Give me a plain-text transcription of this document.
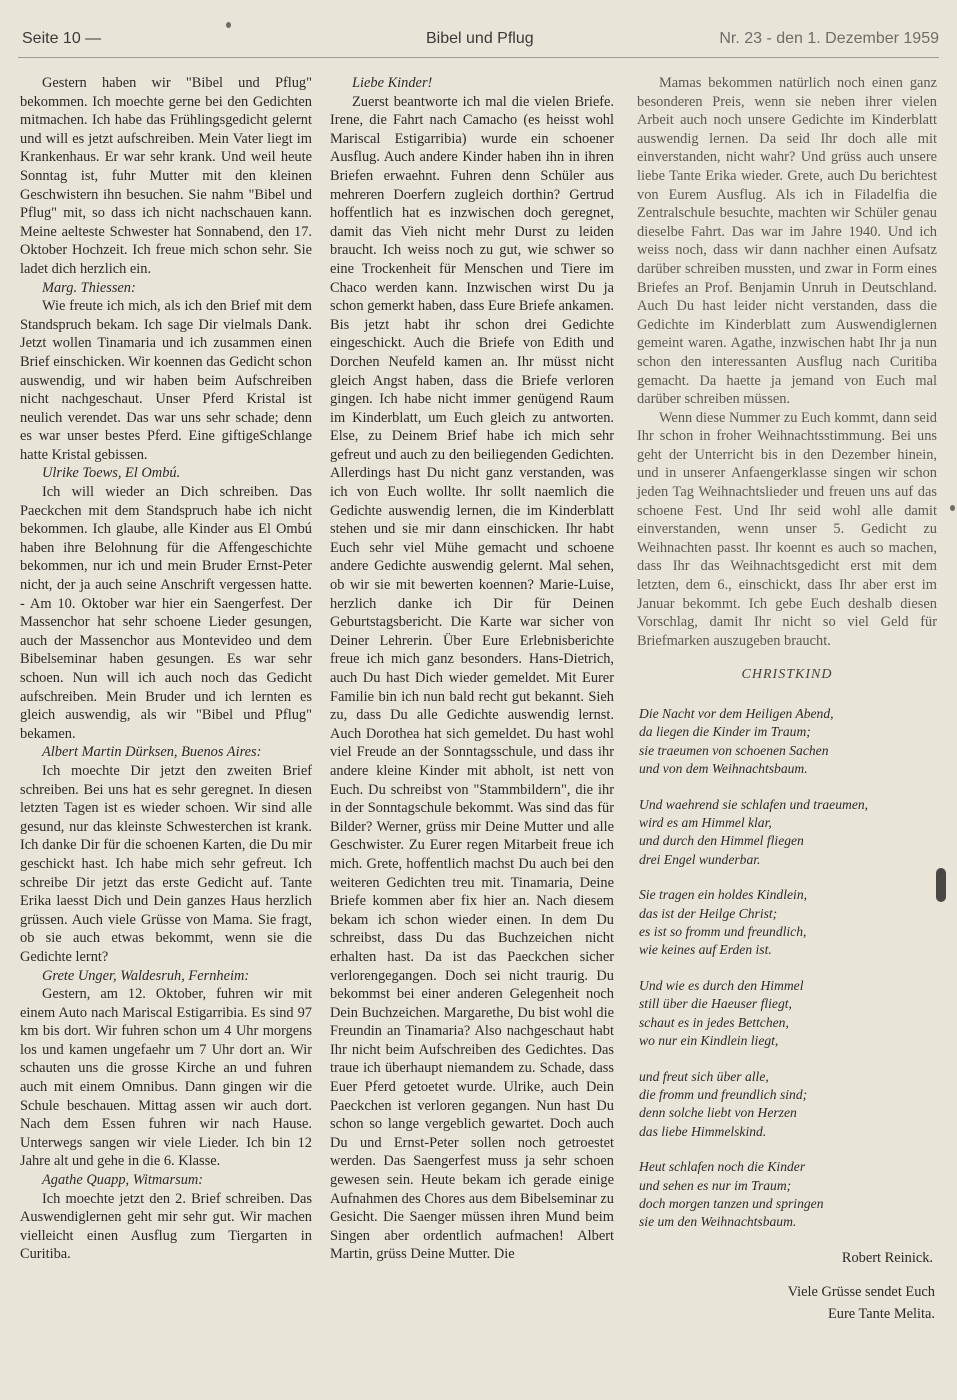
Seite 10 —	Bibel und Pflug	Nr. 23 - den 1. Dezember 1959

Gestern haben wir "Bibel und Pflug" bekommen. Ich moechte gerne bei den Gedichten mitmachen. Ich habe das Frühlingsgedicht gelernt und will es jetzt aufschreiben. Mein Vater liegt im Krankenhaus. Er war sehr krank. Und weil heute Sonntag ist, fuhr Mutter mit den kleinen Geschwistern ihn besuchen. Sie nahm "Bibel und Pflug" mit, so dass ich nicht nachschauen kann. Meine aelteste Schwester hat Sonnabend, den 17. Oktober Hochzeit. Ich freue mich schon sehr. Sie ladet dich herzlich ein.

Marg. Thiessen:

Wie freute ich mich, als ich den Brief mit dem Standspruch bekam. Ich sage Dir vielmals Dank. Jetzt wollen Tinamaria und ich zusammen einen Brief einschicken. Wir koennen das Gedicht schon auswendig, und wir haben beim Aufschreiben nicht nachgeschaut. Unser Pferd Kristal ist neulich verendet. Das war uns sehr schade; denn es war unser bestes Pferd. Eine giftigeSchlange hatte Kristal gebissen.

Ulrike Toews, El Ombú.

Ich will wieder an Dich schreiben. Das Paeckchen mit dem Standspruch habe ich nicht bekommen. Ich glaube, alle Kinder aus El Ombú haben ihre Belohnung für die Affengeschichte bekommen, nur ich und mein Bruder Ernst-Peter nicht, der ja auch seine Anschrift vergessen hatte. - Am 10. Oktober war hier ein Saengerfest. Der Massenchor hat sehr schoene Lieder gesungen, auch der Massenchor aus Montevideo und dem Bibelseminar haben gesungen. Es war sehr schoen. Nun will ich auch noch das Gedicht aufschreiben. Mein Bruder und ich lernten es gleich auswendig, als wir "Bibel und Pflug" bekamen.

Albert Martin Dürksen, Buenos Aires:

Ich moechte Dir jetzt den zweiten Brief schreiben. Bei uns hat es sehr geregnet. In diesen letzten Tagen ist es wieder schoen. Wir sind alle gesund, nur das kleinste Schwesterchen ist krank. Ich danke Dir für die schoenen Karten, die Du mir geschickt hast. Ich habe mich sehr gefreut. Ich schreibe Dir jetzt das erste Gedicht auf. Tante Erika laesst Dich und Dein ganzes Haus herzlich grüssen. Auch viele Grüsse von Mama. Sie fragt, ob sie auch etwas bekommt, wenn sie die Gedichte lernt?

Grete Unger, Waldesruh, Fernheim:

Gestern, am 12. Oktober, fuhren wir mit einem Auto nach Mariscal Estigarribia. Es sind 97 km bis dort. Wir fuhren schon um 4 Uhr morgens los und kamen ungefaehr um 7 Uhr dort an. Wir schauten uns die grosse Kirche an und fuhren auch mit einem Omnibus. Dann gingen wir die Schule beschauen. Mittag assen wir auch dort. Nach dem Essen fuhren wir nach Hause. Unterwegs sangen wir viele Lieder. Ich bin 12 Jahre alt und gehe in die 6. Klasse.

Agathe Quapp, Witmarsum:

Ich moechte jetzt den 2. Brief schreiben. Das Auswendiglernen geht mir sehr gut. Wir machen vielleicht einen Ausflug zum Tiergarten in Curitiba.

Liebe Kinder!

Zuerst beantworte ich mal die vielen Briefe. Irene, die Fahrt nach Camacho (es heisst wohl Mariscal Estigarribia) wurde ein schoener Ausflug. Auch andere Kinder haben ihn in ihren Briefen erwaehnt. Fuhren denn Schüler aus mehreren Doerfern zugleich dorthin? Gertrud hoffentlich hat es inzwischen doch geregnet, damit das Vieh nicht mehr Durst zu leiden braucht. Ich weiss noch zu gut, wie schwer so eine Trockenheit für Menschen und Tiere im Chaco werden kann. Inzwischen wirst Du ja schon gemerkt haben, dass Eure Briefe ankamen. Bis jetzt habt ihr schon drei Gedichte eingeschickt. Auch die Briefe von Edith und Dorchen Neufeld kamen an. Ihr müsst nicht gleich Angst haben, dass die Briefe verloren gingen. Ich habe nicht immer genügend Raum im Kinderblatt, um Euch gleich zu antworten. Else, zu Deinem Brief habe ich mich sehr gefreut und auch zu den beiliegenden Gedichten. Allerdings hast Du nicht ganz verstanden, was ich von Euch wollte. Ihr sollt naemlich die Gedichte auswendig lernen, die im Kinderblatt stehen und sie mir dann einschicken. Ihr habt Euch sehr viel Mühe gemacht und schoene andere Gedichte auswendig gelernt. Mal sehen, ob wir sie mit bewerten koennen? Marie-Luise, herzlich danke ich Dir für Deinen Geburtstagsbericht. Die Karte war sicher von Deiner Lehrerin. Über Eure Erlebnisberichte freue ich mich ganz besonders. Hans-Dietrich, auch Du hast Dich wieder gemeldet. Mit Eurer Familie bin ich nun bald recht gut bekannt. Sieh zu, dass Du alle Gedichte auswendig lernst. Auch Dorothea hat sich gemeldet. Du hast wohl viel Freude an der Sonntagsschule, und dass ihr andere kleine Kinder mit abholt, ist nett von Euch. Du schreibst von "Stammbildern", die ihr in der Sonntagschule bekommt. Was sind das für Bilder? Werner, grüss mir Deine Mutter und alle Geschwister. Zu Eurer regen Mitarbeit freue ich mich. Grete, hoffentlich machst Du auch bei den weiteren Gedichten treu mit. Tinamaria, Deine Briefe kommen aber fix hier an. Nach diesem bekam ich schon wieder einen. In dem Du schreibst, dass Du das Buchzeichen nicht erhalten hast. Da ist das Paeckchen sicher verlorengegangen. Doch sei nicht traurig. Du bekommst bei einer anderen Gelegenheit noch Dein Buchzeichen. Margarethe, Du bist wohl die Freundin an Tinamaria? Also nachgeschaut habt Ihr nicht beim Aufschreiben des Gedichtes. Das traue ich überhaupt niemandem zu. Schade, dass Euer Pferd getoetet wurde. Ulrike, auch Dein Paeckchen ist verloren gegangen. Nun hast Du schon so lange vergeblich gewartet. Doch auch Du und Ernst-Peter sollen noch getroestet werden. Das Saengerfest muss ja sehr schoen gewesen sein. Heute bekam ich gerade einige Aufnahmen des Chores aus dem Bibelseminar zu Gesicht. Die Saenger müssen ihren Mund beim Singen aber ordentlich aufmachen! Albert Martin, grüss Deine Mutter. Die

Mamas bekommen natürlich noch einen ganz besonderen Preis, wenn sie neben ihrer vielen Arbeit auch noch unsere Gedichte im Kinderblatt auswendig lernen. Da seid Ihr doch alle mit einverstanden, nicht wahr? Und grüss auch unsere liebe Tante Erika wieder. Grete, auch Du berichtest von Eurem Ausflug. Als ich in Filadelfia die Zentralschule besuchte, machten wir Schüler genau dieselbe Fahrt. Das war im Jahre 1940. Und ich weiss noch, dass wir dann nachher einen Aufsatz darüber schreiben mussten, und zwar in Form eines Briefes an Prof. Benjamin Unruh in Deutschland. Auch Du hast leider nicht verstanden, dass die Gedichte im Kinderblatt zum Auswendiglernen gemeint waren. Agathe, inzwischen habt Ihr ja nun schon den interessanten Ausflug nach Curitiba gemacht. Da haette ja jemand von Euch mal darüber schreiben müssen.

Wenn diese Nummer zu Euch kommt, dann seid Ihr schon in froher Weihnachtsstimmung. Bei uns geht der Unterricht bis in den Dezember hinein, und in unserer Anfaengerklasse singen wir schon jeden Tag Weihnachtslieder und freuen uns auf das schoene Fest. Und Ihr seid wohl alle damit einverstanden, wenn unser 5. Gedicht zu Weihnachten passt. Ihr koennt es auch so machen, dass Ihr das Weihnachtsgedicht erst mit dem letzten, dem 6., einschickt, dass Ihr aber erst im Januar bekommt. Ich gebe Euch deshalb diesen Vorschlag, damit Ihr nicht so viel Geld für Briefmarken auszugeben braucht.

CHRISTKIND
Die Nacht vor dem Heiligen Abend,
da liegen die Kinder im Traum;
sie traeumen von schoenen Sachen
und von dem Weihnachtsbaum.
Und waehrend sie schlafen und traeumen,
wird es am Himmel klar,
und durch den Himmel fliegen
drei Engel wunderbar.
Sie tragen ein holdes Kindlein,
das ist der Heilge Christ;
es ist so fromm und freundlich,
wie keines auf Erden ist.
Und wie es durch den Himmel
still über die Haeuser fliegt,
schaut es in jedes Bettchen,
wo nur ein Kindlein liegt,
und freut sich über alle,
die fromm und freundlich sind;
denn solche liebt von Herzen
das liebe Himmelskind.
Heut schlafen noch die Kinder
und sehen es nur im Traum;
doch morgen tanzen und springen
sie um den Weihnachtsbaum.
Robert Reinick.
Viele Grüsse sendet Euch
Eure Tante Melita.
